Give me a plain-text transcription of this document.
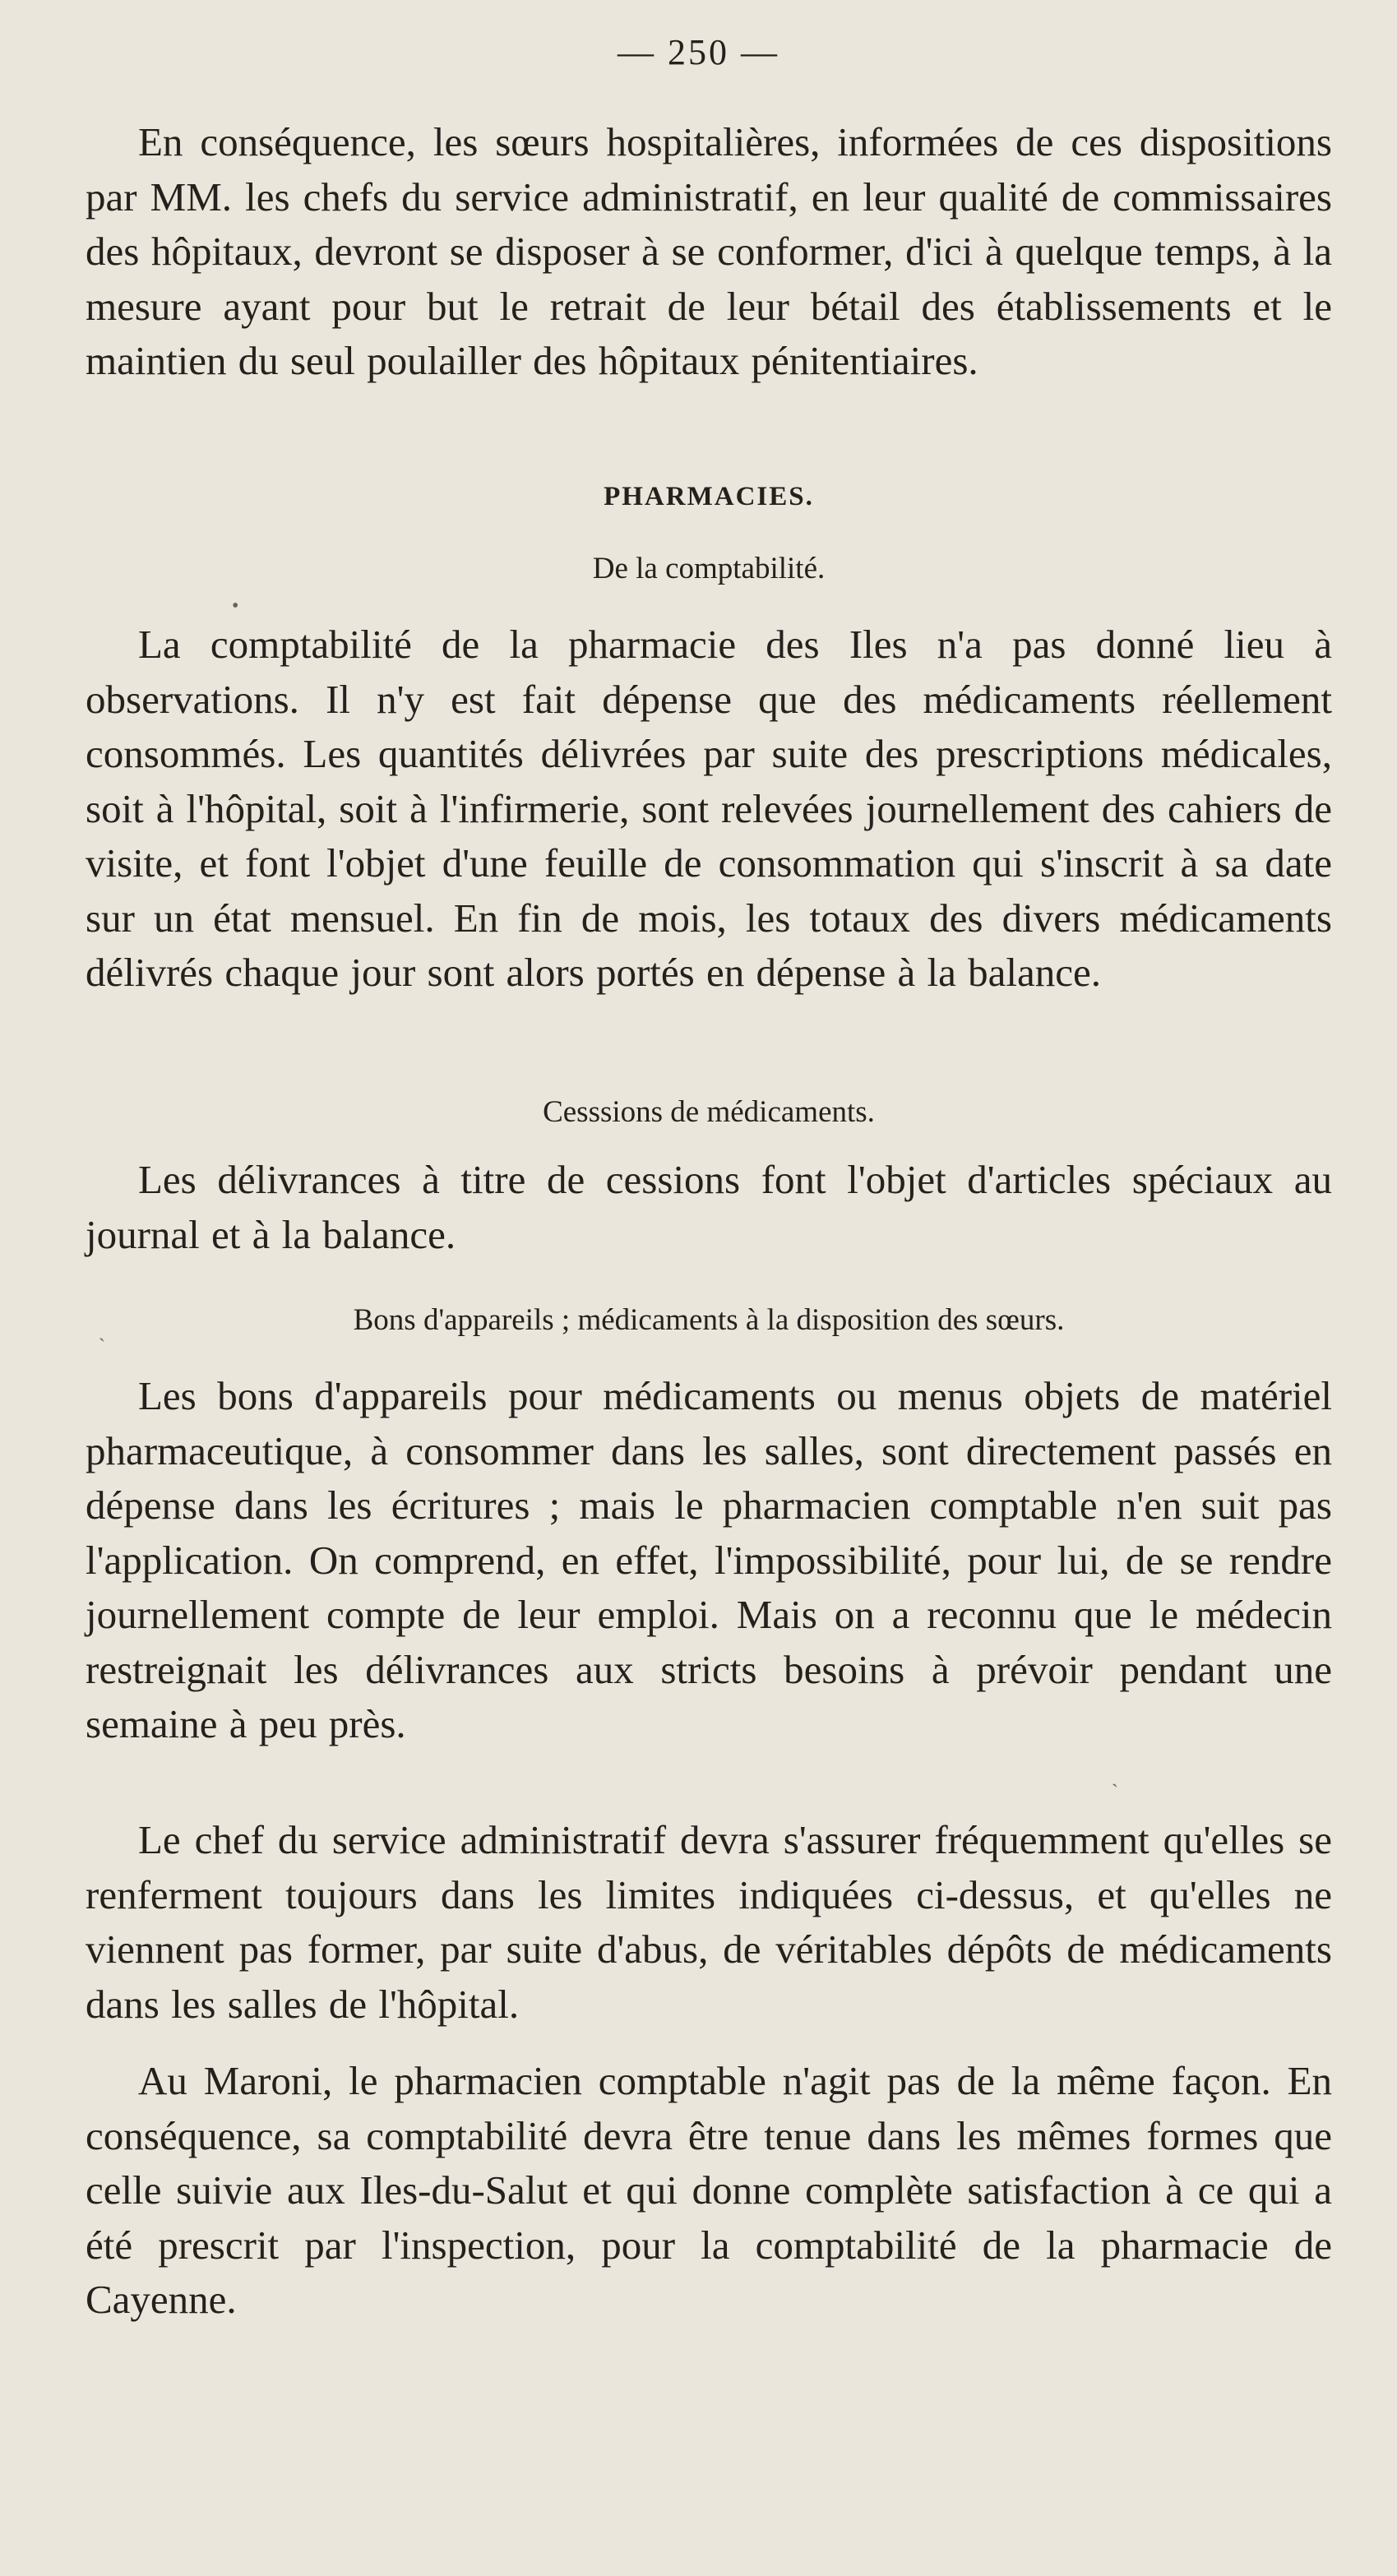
— 250 —

En conséquence, les sœurs hospitalières, informées de ces dispositions par MM. les chefs du service administratif, en leur qualité de commissaires des hôpitaux, devront se disposer à se conformer, d'ici à quelque temps, à la mesure ayant pour but le retrait de leur bétail des établissements et le maintien du seul poulailler des hôpitaux pénitentiaires.

PHARMACIES.

De la comptabilité.

La comptabilité de la pharmacie des Iles n'a pas donné lieu à observations. Il n'y est fait dépense que des médicaments réellement consommés. Les quantités délivrées par suite des prescriptions médicales, soit à l'hôpital, soit à l'infirmerie, sont relevées journellement des cahiers de visite, et font l'objet d'une feuille de consommation qui s'inscrit à sa date sur un état mensuel. En fin de mois, les totaux des divers médicaments délivrés chaque jour sont alors portés en dépense à la balance.

Cesssions de médicaments.

Les délivrances à titre de cessions font l'objet d'articles spéciaux au journal et à la balance.

Bons d'appareils ; médicaments à la disposition des sœurs.

Les bons d'appareils pour médicaments ou menus objets de matériel pharmaceutique, à consommer dans les salles, sont directement passés en dépense dans les écritures ; mais le pharmacien comptable n'en suit pas l'application. On comprend, en effet, l'impossibilité, pour lui, de se rendre journellement compte de leur emploi. Mais on a reconnu que le médecin restreignait les délivrances aux stricts besoins à prévoir pendant une semaine à peu près.

Le chef du service administratif devra s'assurer fréquemment qu'elles se renferment toujours dans les limites indiquées ci-dessus, et qu'elles ne viennent pas former, par suite d'abus, de véritables dépôts de médicaments dans les salles de l'hôpital.

Au Maroni, le pharmacien comptable n'agit pas de la même façon. En conséquence, sa comptabilité devra être tenue dans les mêmes formes que celle suivie aux Iles-du-Salut et qui donne complète satisfaction à ce qui a été prescrit par l'inspection, pour la comptabilité de la pharmacie de Cayenne.

•
ˎ
ˏ
